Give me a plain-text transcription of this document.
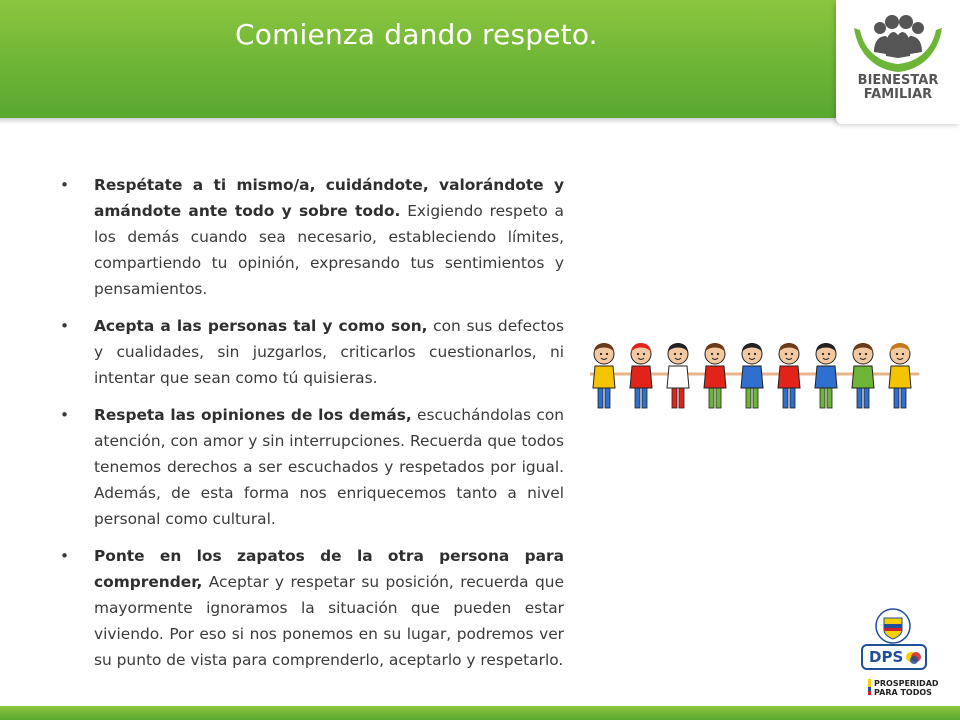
Comienza dando respeto.
BIENESTAR
FAMILIAR
• Respétate a ti mismo/a, cuidándote, valorándote y amándote ante todo y sobre todo. Exigiendo respeto a los demás cuando sea necesario, estableciendo límites, compartiendo tu opinión, expresando tus sentimientos y pensamientos.
• Acepta a las personas tal y como son, con sus defectos y cualidades, sin juzgarlos, criticarlos cuestionarlos, ni intentar que sean como tú quisieras.
• Respeta las opiniones de los demás, escuchándolas con atención, con amor y sin interrupciones. Recuerda que todos tenemos derechos a ser escuchados y respetados por igual. Además, de esta forma nos enriquecemos tanto a nivel personal como cultural.
• Ponte en los zapatos de la otra persona para comprender, Aceptar y respetar su posición, recuerda que mayormente ignoramos la situación que pueden estar viviendo. Por eso si nos ponemos en su lugar, podremos ver su punto de vista para comprenderlo, aceptarlo y respetarlo.	DPS
PROSPERIDAD
PARA TODOS
